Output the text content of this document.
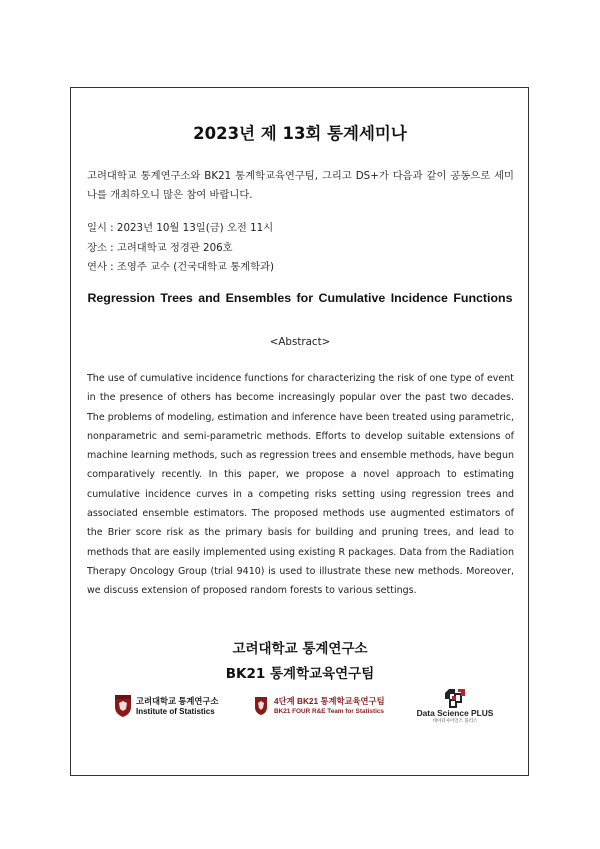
2023년 제 13회 통계세미나
고려대학교 통계연구소와 BK21 통계학교육연구팀, 그리고 DS+가 다음과 같이 공동으로 세미나를 개최하오니 많은 참여 바랍니다.
일시 : 2023년 10월 13일(금) 오전 11시
장소 : 고려대학교 정경관 206호
연사 : 조영주 교수 (건국대학교 통계학과)
Regression Trees and Ensembles for Cumulative Incidence Functions
<Abstract>
The use of cumulative incidence functions for characterizing the risk of one type of event in the presence of others has become increasingly popular over the past two decades. The problems of modeling, estimation and inference have been treated using parametric, nonparametric and semi-parametric methods. Efforts to develop suitable extensions of machine learning methods, such as regression trees and ensemble methods, have begun comparatively recently. In this paper, we propose a novel approach to estimating cumulative incidence curves in a competing risks setting using regression trees and associated ensemble estimators. The proposed methods use augmented estimators of the Brier score risk as the primary basis for building and pruning trees, and lead to methods that are easily implemented using existing R packages. Data from the Radiation Therapy Oncology Group (trial 9410) is used to illustrate these new methods. Moreover, we discuss extension of proposed random forests to various settings.
고려대학교 통계연구소
BK21 통계학교육연구팀
고려대학교 통계연구소
Institute of Statistics
4단계 BK21 통계학교육연구팀
BK21 FOUR R&E Team for Statistics	Data Science PLUS
데이터사이언스 플러스
